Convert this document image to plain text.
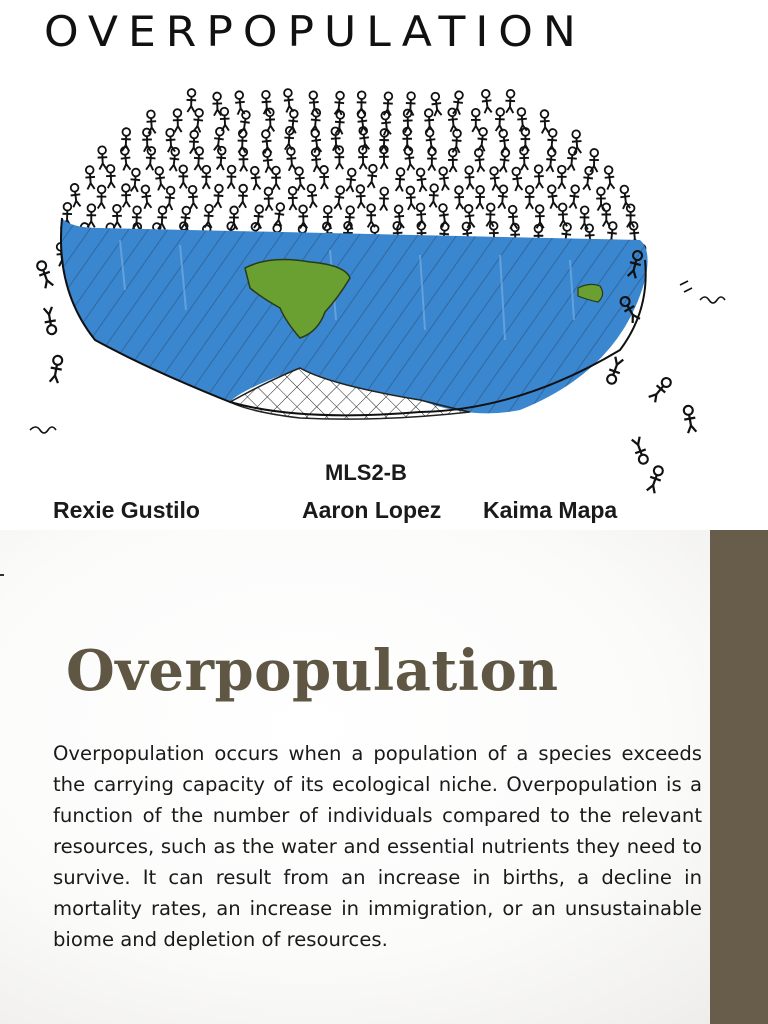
OVERPOPULATION
MLS2-B
Rexie Gustilo	Aaron Lopez Kaima Mapa
Overpopulation

Overpopulation occurs when a population of a species exceeds the carrying capacity of its ecological niche. Overpopulation is a function of the number of individuals compared to the relevant resources, such as the water and essential nutrients they need to survive. It can result from an increase in births, a decline in mortality rates, an increase in immigration, or an unsustainable biome and depletion of resources.
